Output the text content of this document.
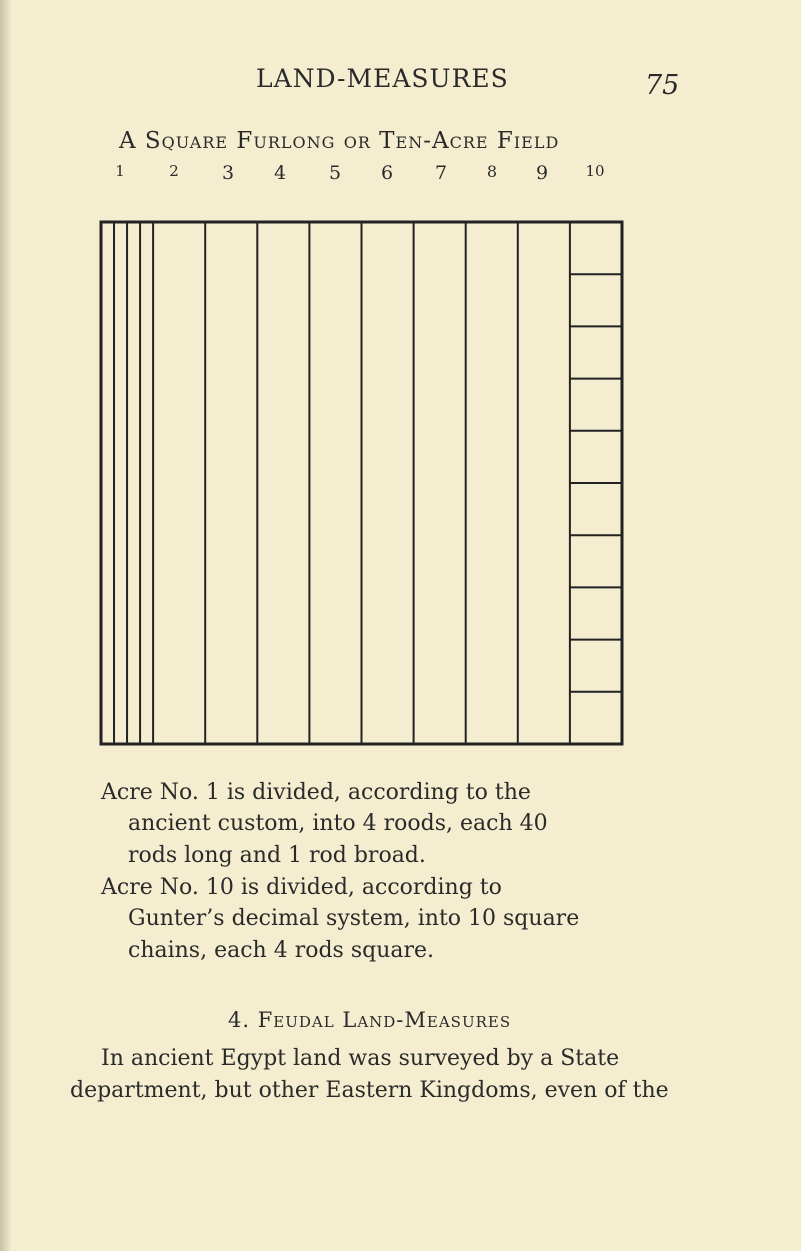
LAND-MEASURES	75
A Square Furlong or Ten-Acre Field
1	2	3	4	5	6	7	8	9	10
Acre No. 1 is divided, according to the
ancient custom, into 4 roods, each 40
rods long and 1 rod broad.
Acre No. 10 is divided, according to
Gunter’s decimal system, into 10 square
chains, each 4 rods square.
4. Feudal Land-Measures
In ancient Egypt land was surveyed by a State
department, but other Eastern Kingdoms, even of the
